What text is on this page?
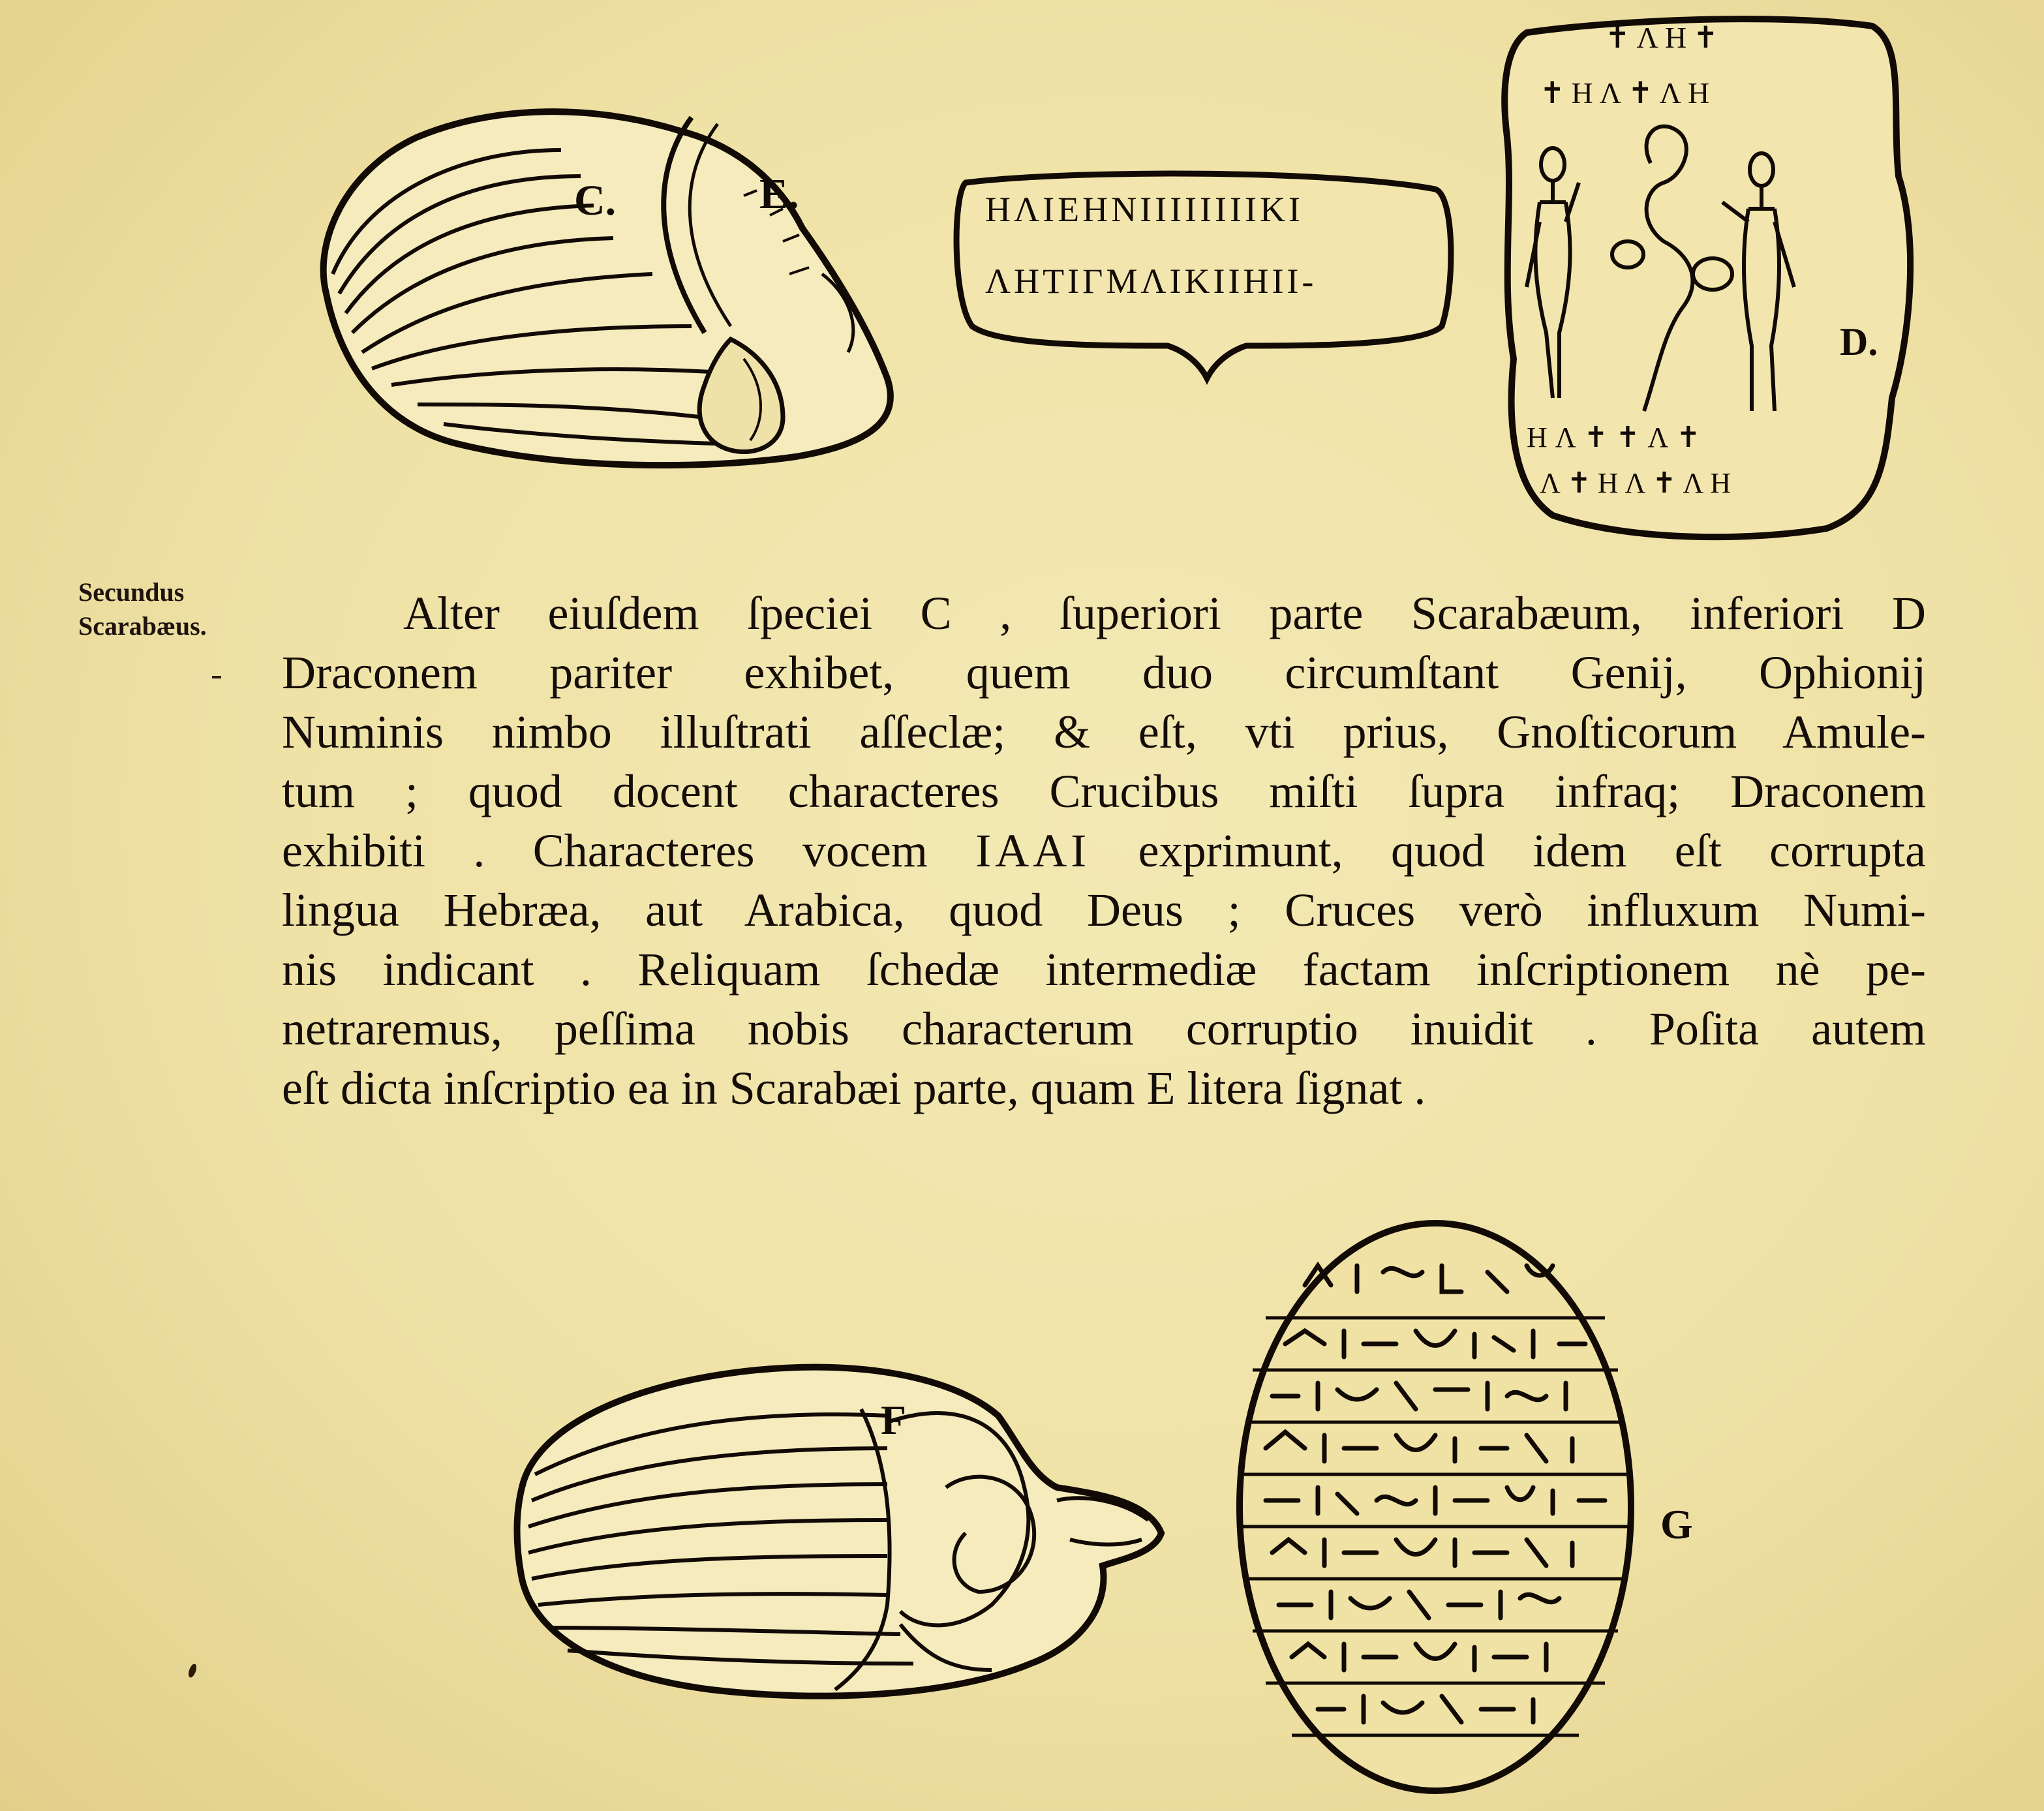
C.	E.	ΗΛΙΕΗΝΙΙΙΙΙΙΙΙΚΙ
ΛΗΤΙΓΜΛΙΚΙΙΗΙΙ-
✝ΛΗ✝
✝ΗΛ✝ΛΗ
ΗΛ✝✝Λ✝
Λ✝ΗΛ✝ΛΗ
D.
Secundus
Scarabæus.	Alter eiuſdem ſpeciei C , ſuperiori parte Scarabæum, inferiori D
Draconem pariter exhibet, quem duo circumſtant Genij, Ophionij
Numinis nimbo illuſtrati aſſeclæ; & eſt, vti prius, Gnoſticorum Amule-
tum ; quod docent characteres Crucibus miſti ſupra infraq; Draconem
exhibiti . Characteres vocem IAAI exprimunt, quod idem eſt corrupta
lingua Hebræa, aut Arabica, quod Deus ; Cruces verò influxum Numi-
nis indicant . Reliquam ſchedæ intermediæ factam inſcriptionem nè pe-
netraremus, peſſima nobis characterum corruptio inuidit . Poſita autem
eſt dicta inſcriptio ea in Scarabæi parte, quam E litera ſignat .
F
G
